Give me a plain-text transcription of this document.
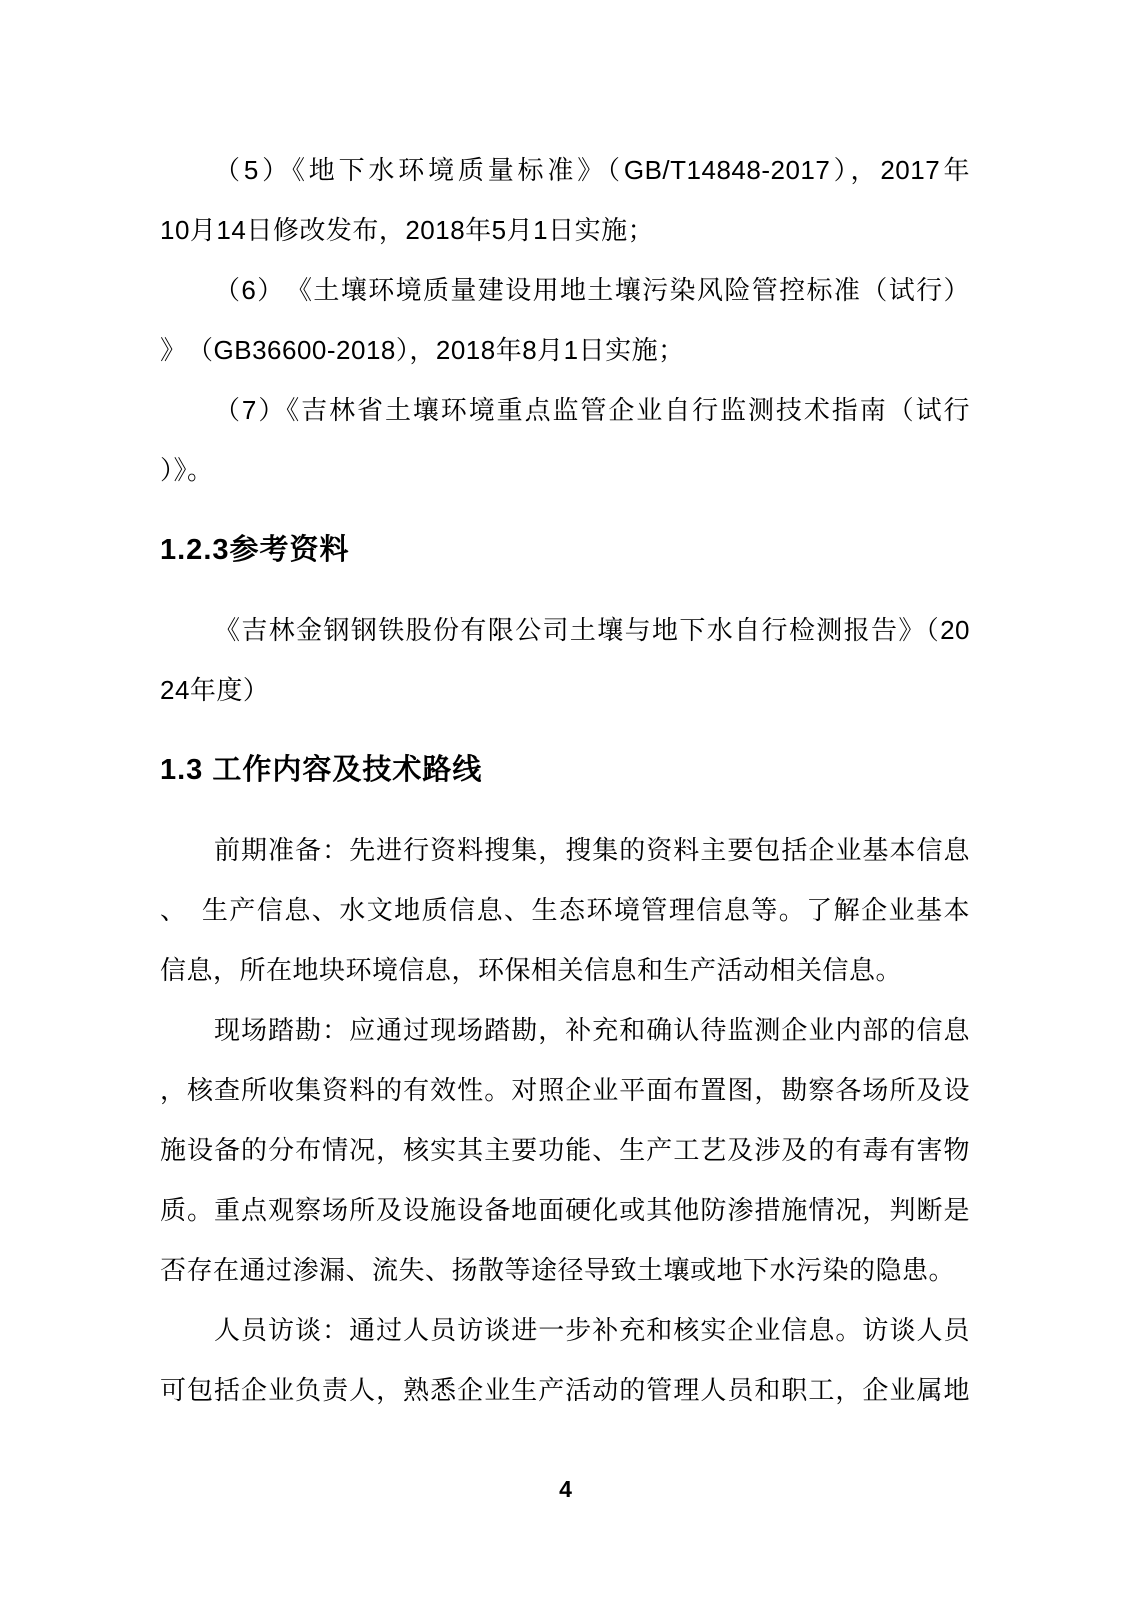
（5）《地下水环境质量标准》（GB/T14848-2017），2017年
10月14日修改发布，2018年5月1日实施；
（6）　《土壤环境质量建设用地土壤污染风险管控标准（试行）
》　（GB36600-2018），2018年8月1日实施；
（7）《吉林省土壤环境重点监管企业自行监测技术指南（试行
）》。
1.2.3参考资料
《吉林金钢钢铁股份有限公司土壤与地下水自行检测报告》（20
24年度）
1.3 工作内容及技术路线
前期准备：先进行资料搜集，搜集的资料主要包括企业基本信息
、　生产信息、水文地质信息、生态环境管理信息等。了解企业基本
信息，所在地块环境信息，环保相关信息和生产活动相关信息。
现场踏勘：应通过现场踏勘，补充和确认待监测企业内部的信息
，核查所收集资料的有效性。对照企业平面布置图，勘察各场所及设
施设备的分布情况，核实其主要功能、生产工艺及涉及的有毒有害物
质。重点观察场所及设施设备地面硬化或其他防渗措施情况，判断是
否存在通过渗漏、流失、扬散等途径导致土壤或地下水污染的隐患。
人员访谈：通过人员访谈进一步补充和核实企业信息。访谈人员
可包括企业负责人，熟悉企业生产活动的管理人员和职工，企业属地
4
